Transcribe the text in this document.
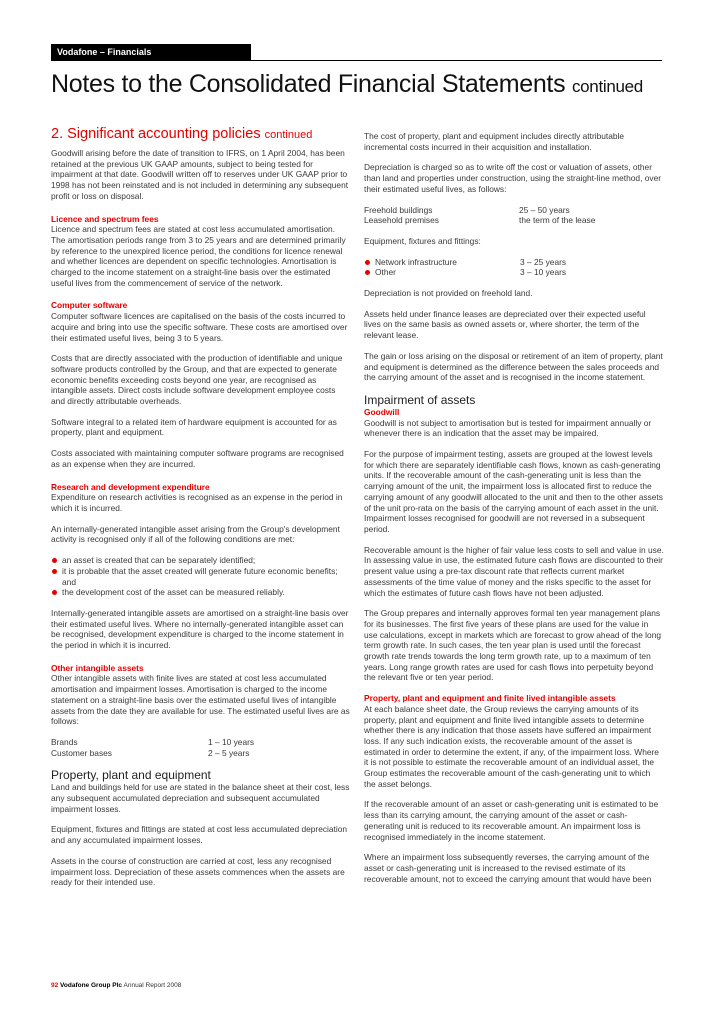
Vodafone – Financials
Notes to the Consolidated Financial Statements continued
2. Significant accounting policies continued

Goodwill arising before the date of transition to IFRS, on 1 April 2004, has been retained at the previous UK GAAP amounts, subject to being tested for impairment at that date. Goodwill written off to reserves under UK GAAP prior to 1998 has not been reinstated and is not included in determining any subsequent profit or loss on disposal.

Licence and spectrum fees

Licence and spectrum fees are stated at cost less accumulated amortisation. The amortisation periods range from 3 to 25 years and are determined primarily by reference to the unexpired licence period, the conditions for licence renewal and whether licences are dependent on specific technologies. Amortisation is charged to the income statement on a straight-line basis over the estimated useful lives from the commencement of service of the network.

Computer software

Computer software licences are capitalised on the basis of the costs incurred to acquire and bring into use the specific software. These costs are amortised over their estimated useful lives, being 3 to 5 years.

Costs that are directly associated with the production of identifiable and unique software products controlled by the Group, and that are expected to generate economic benefits exceeding costs beyond one year, are recognised as intangible assets. Direct costs include software development employee costs and directly attributable overheads.

Software integral to a related item of hardware equipment is accounted for as property, plant and equipment.

Costs associated with maintaining computer software programs are recognised as an expense when they are incurred.

Research and development expenditure

Expenditure on research activities is recognised as an expense in the period in which it is incurred.

An internally-generated intangible asset arising from the Group's development activity is recognised only if all of the following conditions are met:

an asset is created that can be separately identified;
it is probable that the asset created will generate future economic benefits; and
the development cost of the asset can be measured reliably.

Internally-generated intangible assets are amortised on a straight-line basis over their estimated useful lives. Where no internally-generated intangible asset can be recognised, development expenditure is charged to the income statement in the period in which it is incurred.

Other intangible assets

Other intangible assets with finite lives are stated at cost less accumulated amortisation and impairment losses. Amortisation is charged to the income statement on a straight-line basis over the estimated useful lives of intangible assets from the date they are available for use. The estimated useful lives are as follows:

Brands	1 – 10 years
Customer bases	2 – 5 years
Property, plant and equipment

Land and buildings held for use are stated in the balance sheet at their cost, less any subsequent accumulated depreciation and subsequent accumulated impairment losses.

Equipment, fixtures and fittings are stated at cost less accumulated depreciation and any accumulated impairment losses.

Assets in the course of construction are carried at cost, less any recognised impairment loss. Depreciation of these assets commences when the assets are ready for their intended use.

The cost of property, plant and equipment includes directly attributable incremental costs incurred in their acquisition and installation.

Depreciation is charged so as to write off the cost or valuation of assets, other than land and properties under construction, using the straight-line method, over their estimated useful lives, as follows:

Freehold buildings	25 – 50 years
Leasehold premises	the term of the lease

Equipment, fixtures and fittings:

Network infrastructure	3 – 25 years
Other	3 – 10 years

Depreciation is not provided on freehold land.

Assets held under finance leases are depreciated over their expected useful lives on the same basis as owned assets or, where shorter, the term of the relevant lease.

The gain or loss arising on the disposal or retirement of an item of property, plant and equipment is determined as the difference between the sales proceeds and the carrying amount of the asset and is recognised in the income statement.

Impairment of assets
Goodwill

Goodwill is not subject to amortisation but is tested for impairment annually or whenever there is an indication that the asset may be impaired.

For the purpose of impairment testing, assets are grouped at the lowest levels for which there are separately identifiable cash flows, known as cash-generating units. If the recoverable amount of the cash-generating unit is less than the carrying amount of the unit, the impairment loss is allocated first to reduce the carrying amount of any goodwill allocated to the unit and then to the other assets of the unit pro-rata on the basis of the carrying amount of each asset in the unit. Impairment losses recognised for goodwill are not reversed in a subsequent period.

Recoverable amount is the higher of fair value less costs to sell and value in use. In assessing value in use, the estimated future cash flows are discounted to their present value using a pre-tax discount rate that reflects current market assessments of the time value of money and the risks specific to the asset for which the estimates of future cash flows have not been adjusted.

The Group prepares and internally approves formal ten year management plans for its businesses. The first five years of these plans are used for the value in use calculations, except in markets which are forecast to grow ahead of the long term growth rate. In such cases, the ten year plan is used until the forecast growth rate trends towards the long term growth rate, up to a maximum of ten years. Long range growth rates are used for cash flows into perpetuity beyond the relevant five or ten year period.

Property, plant and equipment and finite lived intangible assets

At each balance sheet date, the Group reviews the carrying amounts of its property, plant and equipment and finite lived intangible assets to determine whether there is any indication that those assets have suffered an impairment loss. If any such indication exists, the recoverable amount of the asset is estimated in order to determine the extent, if any, of the impairment loss. Where it is not possible to estimate the recoverable amount of an individual asset, the Group estimates the recoverable amount of the cash-generating unit to which the asset belongs.

If the recoverable amount of an asset or cash-generating unit is estimated to be less than its carrying amount, the carrying amount of the asset or cash-generating unit is reduced to its recoverable amount. An impairment loss is recognised immediately in the income statement.

Where an impairment loss subsequently reverses, the carrying amount of the asset or cash-generating unit is increased to the revised estimate of its recoverable amount, not to exceed the carrying amount that would have been

92 Vodafone Group Plc Annual Report 2008
